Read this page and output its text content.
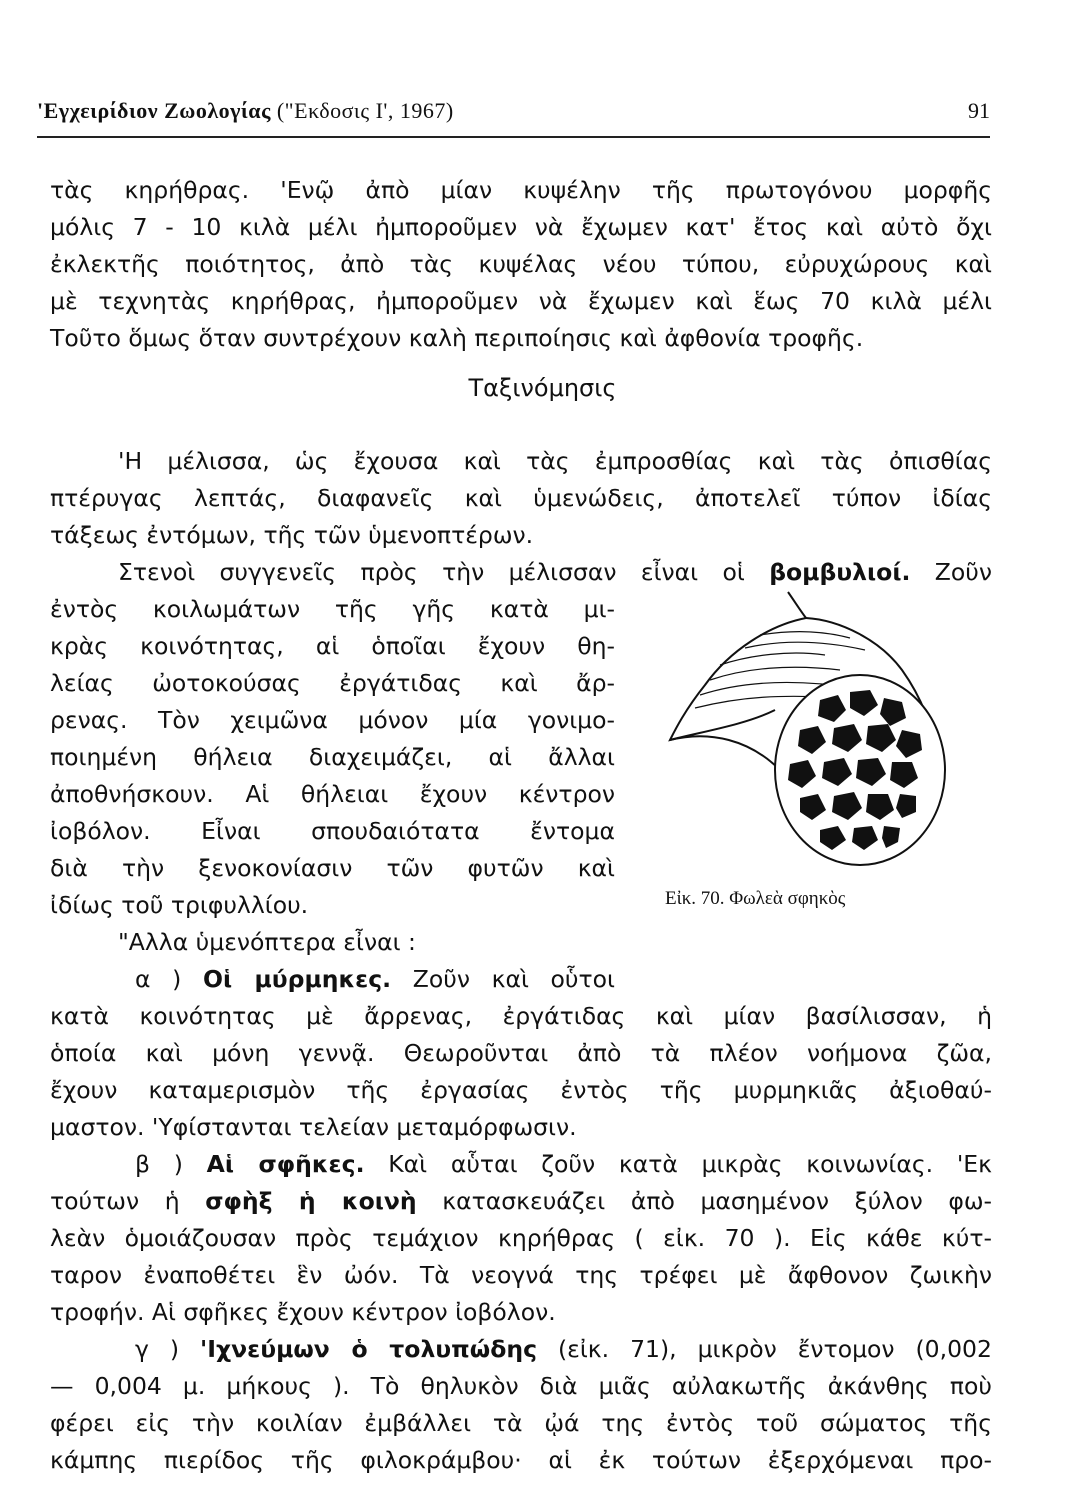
'Εγχειρίδιον Ζωολογίας ("Εκδοσις Ι', 1967)	91
τὰς κηρήθρας. 'Ενῷ ἀπὸ μίαν κυψέλην τῆς πρωτογόνου μορφῆς
μόλις 7 - 10 κιλὰ μέλι ἠμποροῦμεν νὰ ἔχωμεν κατ' ἔτος καὶ αὐτὸ ὄχι
ἐκλεκτῆς ποιότητος, ἀπὸ τὰς κυψέλας νέου τύπου, εὐρυχώρους καὶ
μὲ τεχνητὰς κηρήθρας, ἠμποροῦμεν νὰ ἔχωμεν καὶ ἕως 70 κιλὰ μέλι
Τοῦτο ὅμως ὅταν συντρέχουν καλὴ περιποίησις καὶ ἀφθονία τροφῆς.
Ταξινόμησις
'Η μέλισσα, ὡς ἔχουσα καὶ τὰς ἐμπροσθίας καὶ τὰς ὀπισθίας
πτέρυγας λεπτάς, διαφανεῖς καὶ ὑμενώδεις, ἀποτελεῖ τύπον ἰδίας
τάξεως ἐντόμων, τῆς τῶν ὑμενοπτέρων.
Στενοὶ συγγενεῖς πρὸς τὴν μέλισσαν εἶναι οἱ βομβυλιοί. Ζοῦν
ἐντὸς κοιλωμάτων τῆς γῆς κατὰ μι-
κρὰς κοινότητας, αἱ ὁποῖαι ἔχουν θη-
λείας ὠοτοκούσας ἐργάτιδας καὶ ἄρ-
ρενας. Τὸν χειμῶνα μόνον μία γονιμο-
ποιημένη θήλεια διαχειμάζει, αἱ ἄλλαι
ἀποθνήσκουν. Αἱ θήλειαι ἔχουν κέντρον
ἰοβόλον. Εἶναι σπουδαιότατα ἔντομα
διὰ τὴν ξενοκονίασιν τῶν φυτῶν καὶ
ἰδίως τοῦ τριφυλλίου.
"Αλλα ὑμενόπτερα εἶναι :
α ) Οἱ μύρμηκες. Ζοῦν καὶ οὗτοι
κατὰ κοινότητας μὲ ἄρρενας, ἐργάτιδας καὶ μίαν βασίλισσαν, ἡ
ὁποία καὶ μόνη γεννᾷ. Θεωροῦνται ἀπὸ τὰ πλέον νοήμονα ζῶα,
ἔχουν καταμερισμὸν τῆς ἐργασίας ἐντὸς τῆς μυρμηκιᾶς ἀξιοθαύ-
μαστον. 'Υφίστανται τελείαν μεταμόρφωσιν.
β ) Αἱ σφῆκες. Καὶ αὗται ζοῦν κατὰ μικρὰς κοινωνίας. 'Εκ
τούτων ἡ σφὴξ ἡ κοινὴ κατασκευάζει ἀπὸ μασημένον ξύλον φω-
λεὰν ὁμοιάζουσαν πρὸς τεμάχιον κηρήθρας ( εἰκ. 70 ). Εἰς κάθε κύτ-
ταρον ἐναποθέτει ἓν ὠόν. Τὰ νεογνά της τρέφει μὲ ἄφθονον ζωικὴν
τροφήν. Αἱ σφῆκες ἔχουν κέντρον ἰοβόλον.
γ ) 'Ιχνεύμων ὁ τολυπώδης (εἰκ. 71), μικρὸν ἔντομον (0,002
— 0,004 μ. μήκους ). Τὸ θηλυκὸν διὰ μιᾶς αὐλακωτῆς ἀκάνθης ποὺ
φέρει εἰς τὴν κοιλίαν ἐμβάλλει τὰ ᾠά της ἐντὸς τοῦ σώματος τῆς
κάμπης πιερίδος τῆς φιλοκράμβου· αἱ ἐκ τούτων ἐξερχόμεναι προ-
Εἰκ. 70. Φωλεὰ σφηκὸς
